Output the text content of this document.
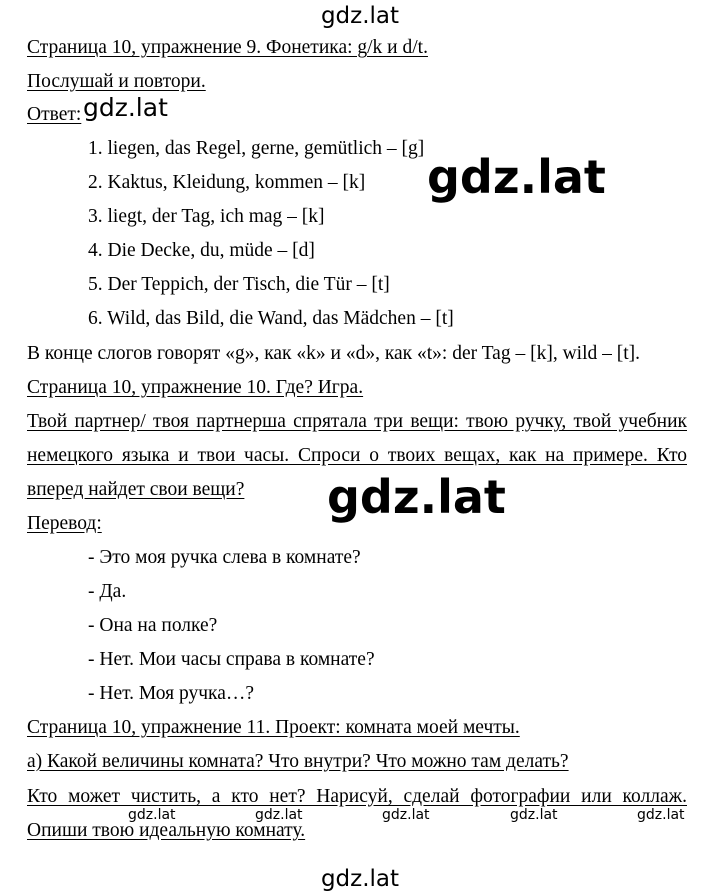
gdz.lat
gdz.lat
gdz.lat
gdz.lat
gdz.lat	gdz.lat	gdz.lat	gdz.lat	gdz.lat
gdz.lat
Страница 10, упражнение 9. Фонетика: g/k и d/t.
Послушай и повтори.
Ответ:
1. liegen, das Regel, gerne, gemütlich – [g]
2. Kaktus, Kleidung, kommen – [k]
3. liegt, der Tag, ich mag – [k]
4. Die Decke, du, müde – [d]
5. Der Teppich, der Tisch, die Tür – [t]
6. Wild, das Bild, die Wand, das Mädchen – [t]
В конце слогов говорят «g», как «k» и «d», как «t»: der Tag – [k], wild – [t].
Страница 10, упражнение 10. Где? Игра.
Твой партнер/ твоя партнерша спрятала три вещи: твою ручку, твой учебник
немецкого языка и твои часы. Спроси о твоих вещах, как на примере. Кто
вперед найдет свои вещи?
Перевод:
- Это моя ручка слева в комнате?
- Да.
- Она на полке?
- Нет. Мои часы справа в комнате?
- Нет. Моя ручка…?
Страница 10, упражнение 11. Проект: комната моей мечты.
а) Какой величины комната? Что внутри? Что можно там делать?
Кто может чистить, а кто нет? Нарисуй, сделай фотографии или коллаж.
Опиши твою идеальную комнату.
